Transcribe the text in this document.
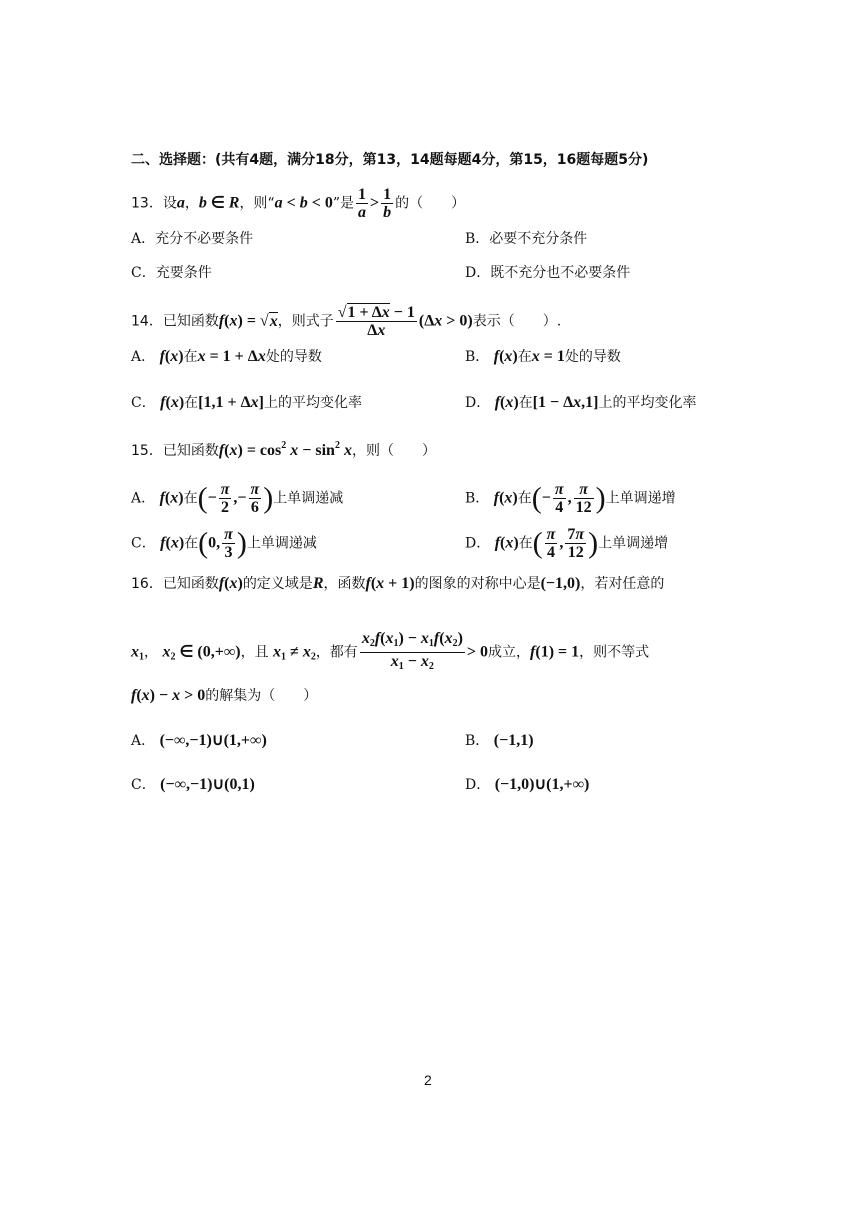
二、选择题：(共有4题，满分18分，第13，14题每题4分，第15，16题每题5分)
13．设a，b ∈ R，则“a < b < 0”是 $\frac{1}{a} > \frac{1}{b}$ 的（　　）
A．充分不必要条件	B．必要不充分条件
C．充要条件	D．既不充分也不必要条件
14．已知函数f(x) = √x，则式子 $\frac{√1 + \Delta x - 1}{\Delta x} (\Delta x > 0)$表示（　　）.
A． f(x)在x = 1 + Δx处的导数	B． f(x)在x = 1处的导数
C． f(x)在[1,1 + Δx]上的平均变化率	D． f(x)在[1 − Δx,1]上的平均变化率
15．已知函数$f(x) = \cos^2 x - \sin^2 x$，则（　　）
A． f(x)在(− $\frac{\pi}{2}$ ,− $\frac{\pi}{6}$ )上单调递减	B． f(x)在(− $\frac{\pi}{4}$ , $\frac{\pi}{12}$ )上单调递增
C． f(x)在(0, $\frac{\pi}{3}$ )上单调递减	D． f(x)在( $\frac{\pi}{4}$ , $\frac{7\pi}{12}$ )上单调递增
16．已知函数f(x)的定义域是R，函数f(x + 1)的图象的对称中心是(−1,0)，若对任意的
$x_1$， $x_2$ ∈ (0,+∞)，且 $x_1 \ne x_2$，都有 $\frac{x_2f(x_1) - x_1f(x_2)}{x_1 - x_2} > 0$成立，f(1) = 1，则不等式
f(x) − x > 0的解集为（　　）
A． (−∞,−1)∪(1,+∞)	B． (−1,1)
C． (−∞,−1)∪(0,1)	D． (−1,0)∪(1,+∞)
2
